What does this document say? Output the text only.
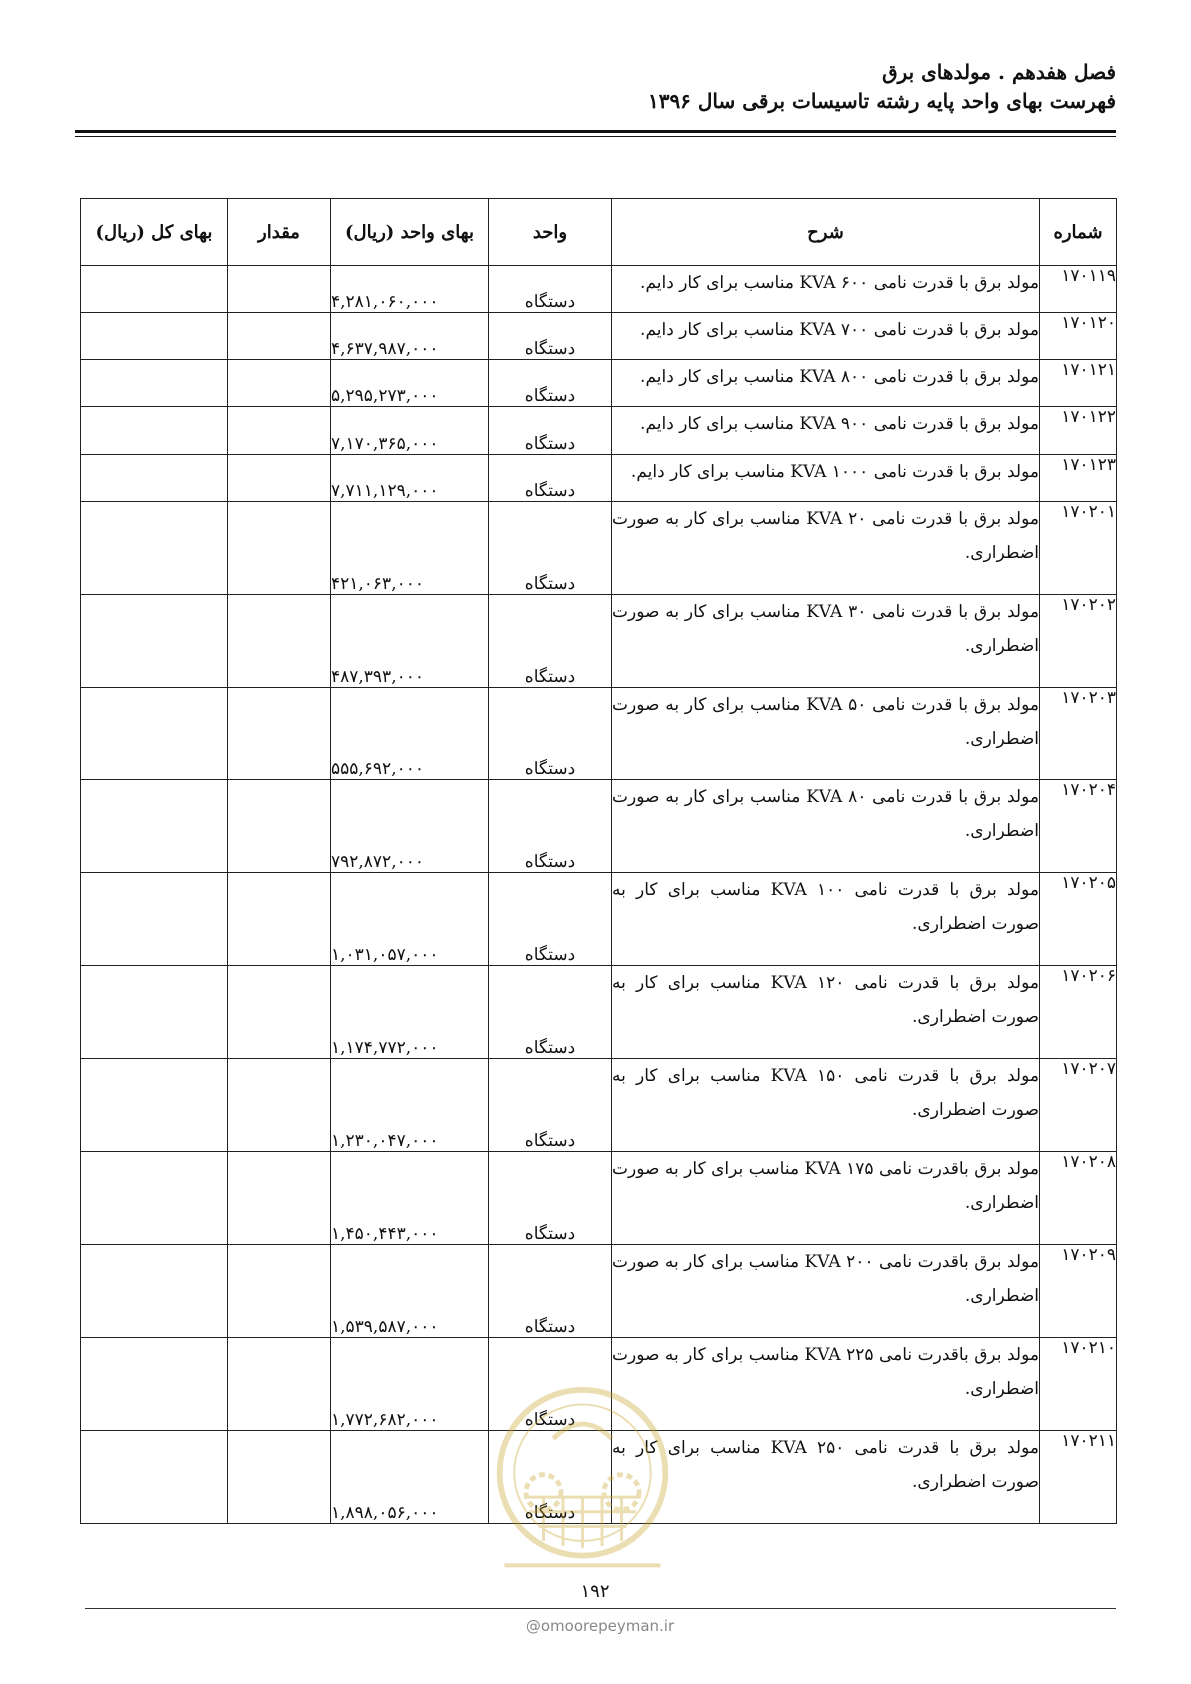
فصل هفدهم . مولدهای برق
فهرست بهای واحد پایه رشته تاسیسات برقی سال ۱۳۹۶
شماره	شرح	واحد	بهای واحد (ریال)	مقدار	بهای کل (ریال)
۱۷۰۱۱۹	مولد برق با قدرت نامی ۶۰۰ KVA مناسب برای کار دایم.	دستگاه	۴,۲۸۱,۰۶۰,۰۰۰		
۱۷۰۱۲۰	مولد برق با قدرت نامی ۷۰۰ KVA مناسب برای کار دایم.	دستگاه	۴,۶۳۷,۹۸۷,۰۰۰		
۱۷۰۱۲۱	مولد برق با قدرت نامی ۸۰۰ KVA مناسب برای کار دایم.	دستگاه	۵,۲۹۵,۲۷۳,۰۰۰		
۱۷۰۱۲۲	مولد برق با قدرت نامی ۹۰۰ KVA مناسب برای کار دایم.	دستگاه	۷,۱۷۰,۳۶۵,۰۰۰		
۱۷۰۱۲۳	مولد برق با قدرت نامی ۱۰۰۰ KVA مناسب برای کار دایم.	دستگاه	۷,۷۱۱,۱۲۹,۰۰۰		
۱۷۰۲۰۱	مولد برق با قدرت نامی ۲۰ KVA مناسب برای کار به صورت اضطراری.	دستگاه	۴۲۱,۰۶۳,۰۰۰		
۱۷۰۲۰۲	مولد برق با قدرت نامی ۳۰ KVA مناسب برای کار به صورت اضطراری.	دستگاه	۴۸۷,۳۹۳,۰۰۰		
۱۷۰۲۰۳	مولد برق با قدرت نامی ۵۰ KVA مناسب برای کار به صورت اضطراری.	دستگاه	۵۵۵,۶۹۲,۰۰۰		
۱۷۰۲۰۴	مولد برق با قدرت نامی ۸۰ KVA مناسب برای کار به صورت اضطراری.	دستگاه	۷۹۲,۸۷۲,۰۰۰		
۱۷۰۲۰۵	مولد برق با قدرت نامی ۱۰۰ KVA مناسب برای کار به صورت اضطراری.	دستگاه	۱,۰۳۱,۰۵۷,۰۰۰		
۱۷۰۲۰۶	مولد برق با قدرت نامی ۱۲۰ KVA مناسب برای کار به صورت اضطراری.	دستگاه	۱,۱۷۴,۷۷۲,۰۰۰		
۱۷۰۲۰۷	مولد برق با قدرت نامی ۱۵۰ KVA مناسب برای کار به صورت اضطراری.	دستگاه	۱,۲۳۰,۰۴۷,۰۰۰		
۱۷۰۲۰۸	مولد برق باقدرت نامی ۱۷۵ KVA مناسب برای کار به صورت اضطراری.	دستگاه	۱,۴۵۰,۴۴۳,۰۰۰		
۱۷۰۲۰۹	مولد برق باقدرت نامی ۲۰۰ KVA مناسب برای کار به صورت اضطراری.	دستگاه	۱,۵۳۹,۵۸۷,۰۰۰		
۱۷۰۲۱۰	مولد برق باقدرت نامی ۲۲۵ KVA مناسب برای کار به صورت اضطراری.	دستگاه	۱,۷۷۲,۶۸۲,۰۰۰		
۱۷۰۲۱۱	مولد برق با قدرت نامی ۲۵۰ KVA مناسب برای کار به صورت اضطراری.	دستگاه	۱,۸۹۸,۰۵۶,۰۰۰		
۱۹۲
@omoorepeyman.ir
